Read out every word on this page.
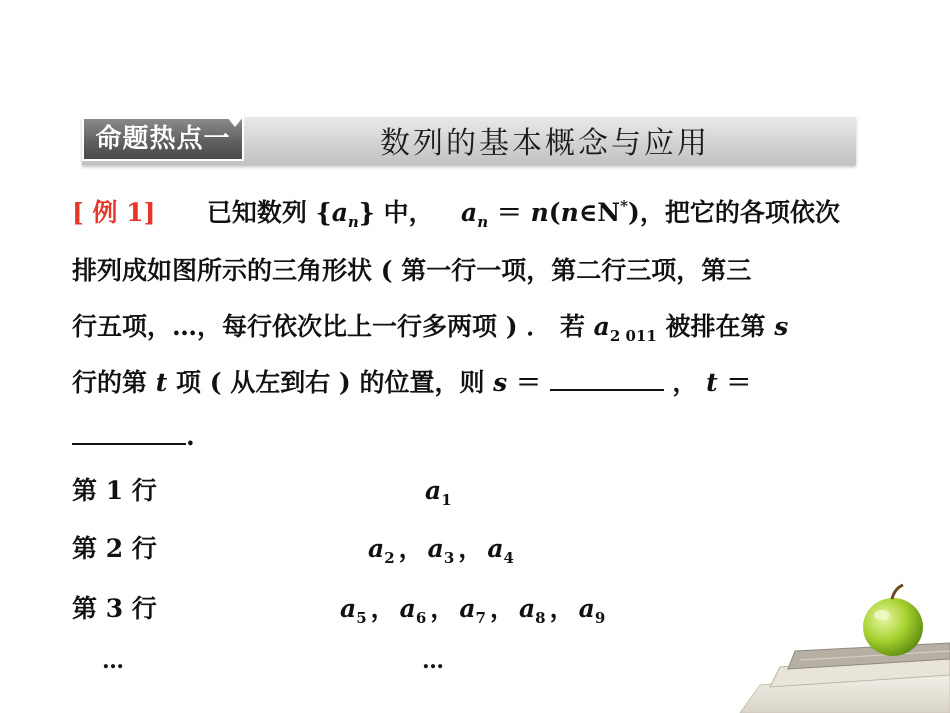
命题热点一	数列的基本概念与应用
[ 例 1] 已知数列 $\{a_n\}$ 中， $a_n$ ＝ n(n∈N*)，把它的各项依次
排列成如图所示的三角形状 ( 第一行一项，第二行三项，第三
行五项，…，每行依次比上一行多两项 ) ． 若 $a_{2 011}$ 被排在第 s
行的第 t 项 ( 从左到右 ) 的位置，则 s ＝	， t ＝
.
第 1 行	$a_1$
第 2 行	$a_2$ ， $a_3$ ， $a_4$
第 3 行	$a_5$ ， $a_6$ ， $a_7$ ， $a_8$ ， $a_9$
…	…
